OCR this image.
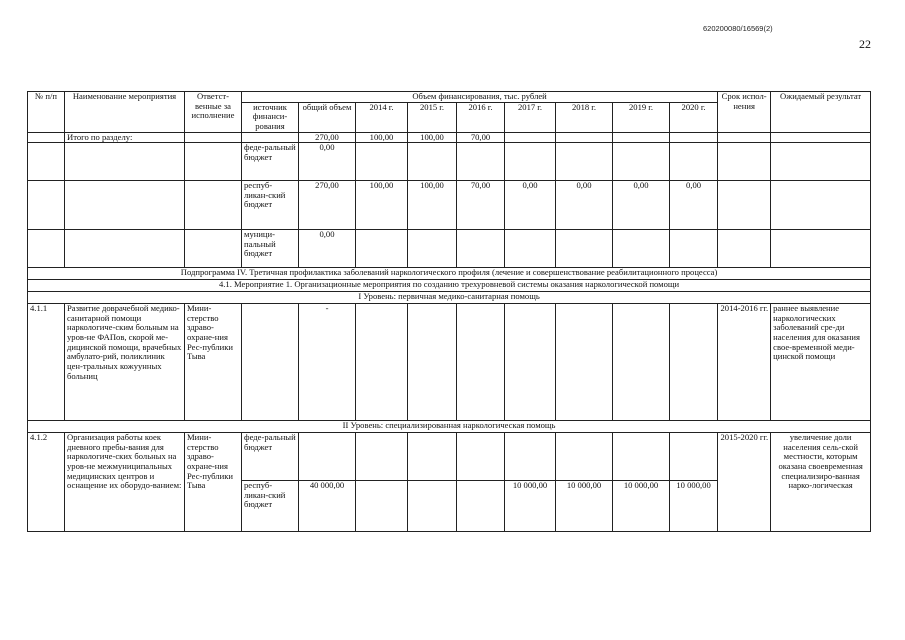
620200080/16569(2)
22
№ п/п	Наименование мероприятия	Ответст-венные за исполнение	Объем финансирования, тыс. рублей									Срок испол-нения	Ожидаемый результат
			источник финанси-рования	общий объем	2014 г.	2015 г.	2016 г.	2017 г.	2018 г.	2019 г.	2020 г.		
	Итого по разделу:			270,00	100,00	100,00	70,00						
			феде-ральный бюджет	0,00									
			респуб-ликан-ский бюджет	270,00	100,00	100,00	70,00	0,00	0,00	0,00	0,00		
			муници-пальный бюджет	0,00									
Подпрограмма IV. Третичная профилактика заболеваний наркологического профиля (лечение и совершенствование реабилитационного процесса)													
4.1. Мероприятие 1. Организационные мероприятия по созданию трехуровневой системы оказания наркологической помощи													
I Уровень: первичная медико-санитарная помощь													
4.1.1	Развитие доврачебной медико-санитарной помощи наркологиче-ским больным на уров-не ФАПов, скорой ме-дицинской помощи, врачебных амбулато-рий, поликлиник цен-тральных кожуунных больниц	Мини-стерство здраво-охране-ния Рес-публики Тыва		-								2014-2016 гг.	раннее выявление наркологических заболеваний сре-ди населения для оказания свое-временной меди-цинской помощи
II Уровень: специализированная наркологическая помощь													
4.1.2	Организация работы коек дневного пребы-вания для наркологиче-ских больных на уров-не межмуниципальных медицинских центров и оснащение их оборудо-ванием:	Мини-стерство здраво-охране-ния Рес-публики Тыва	феде-ральный бюджет									2015-2020 гг.	увеличение доли населения сель-ской местности, которым оказана своевременная специализиро-ванная нарко-логическая
			респуб-ликан-ский бюджет	40 000,00				10 000,00	10 000,00	10 000,00	10 000,00		
